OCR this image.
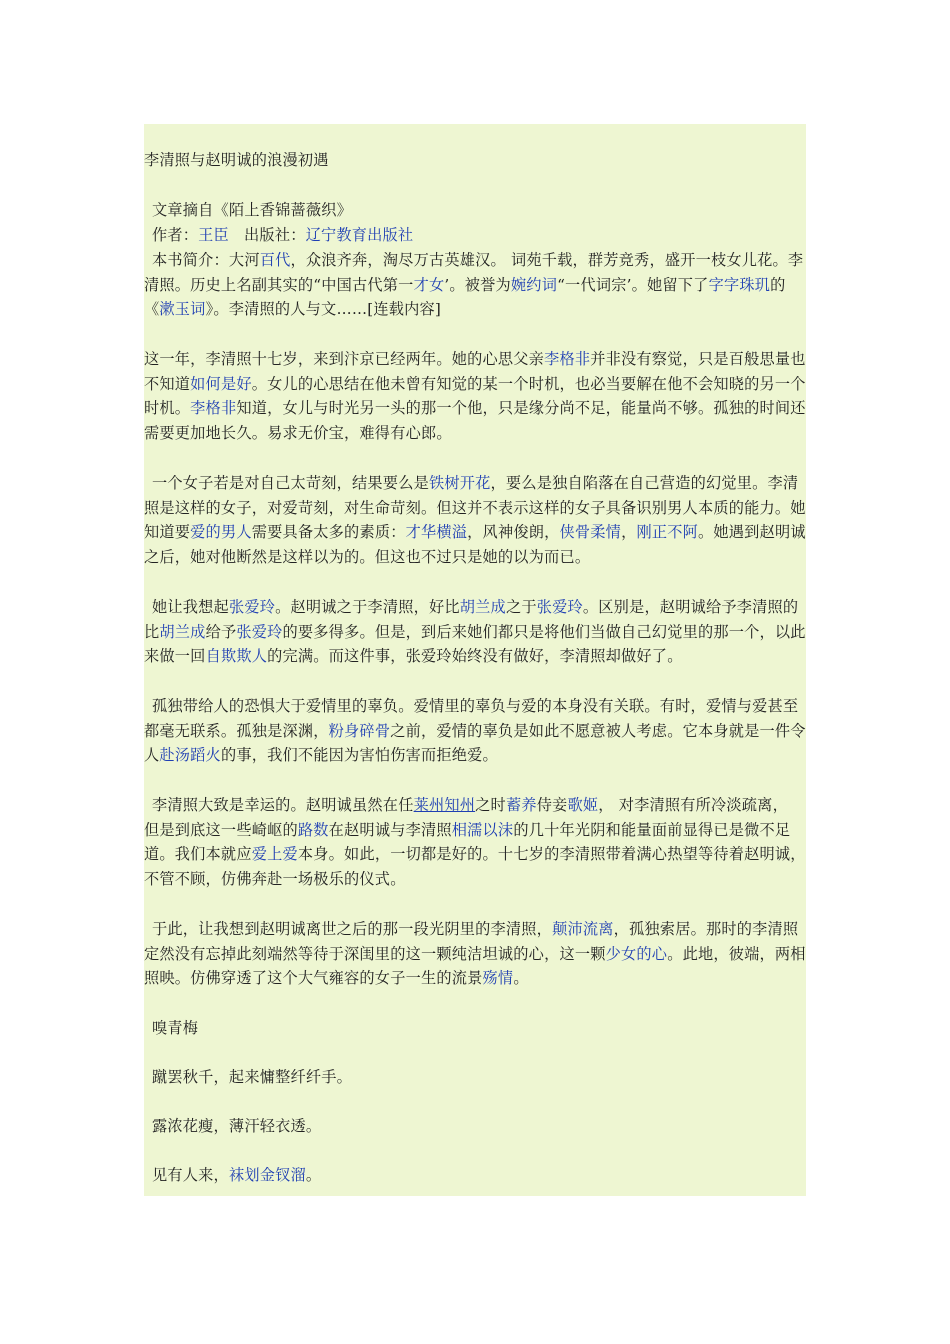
李清照与赵明诚的浪漫初遇

文章摘自《陌上香锦蔷薇织》

作者：王臣 出版社：辽宁教育出版社

本书简介：大河百代，众浪齐奔，淘尽万古英雄汉。 词苑千载，群芳竞秀，盛开一枝女儿花。李清照。历史上名副其实的“中国古代第一才女’。被誉为婉约词“一代词宗’。她留下了字字珠玑的《漱玉词》。李清照的人与文……[连载内容]

这一年，李清照十七岁，来到汴京已经两年。她的心思父亲李格非并非没有察觉，只是百般思量也不知道如何是好。女儿的心思结在他未曾有知觉的某一个时机，也必当要解在他不会知晓的另一个时机。李格非知道，女儿与时光另一头的那一个他，只是缘分尚不足，能量尚不够。孤独的时间还需要更加地长久。易求无价宝，难得有心郎。

一个女子若是对自己太苛刻，结果要么是铁树开花，要么是独自陷落在自己营造的幻觉里。李清照是这样的女子，对爱苛刻，对生命苛刻。但这并不表示这样的女子具备识别男人本质的能力。她知道要爱的男人需要具备太多的素质：才华横溢，风神俊朗，侠骨柔情，刚正不阿。她遇到赵明诚之后，她对他断然是这样以为的。但这也不过只是她的以为而已。

她让我想起张爱玲。赵明诚之于李清照，好比胡兰成之于张爱玲。区别是，赵明诚给予李清照的比胡兰成给予张爱玲的要多得多。但是，到后来她们都只是将他们当做自己幻觉里的那一个，以此来做一回自欺欺人的完满。而这件事，张爱玲始终没有做好，李清照却做好了。

孤独带给人的恐惧大于爱情里的辜负。爱情里的辜负与爱的本身没有关联。有时，爱情与爱甚至都毫无联系。孤独是深渊，粉身碎骨之前，爱情的辜负是如此不愿意被人考虑。它本身就是一件令人赴汤蹈火的事，我们不能因为害怕伤害而拒绝爱。

李清照大致是幸运的。赵明诚虽然在任莱州知州之时蓄养侍妾歌姬， 对李清照有所冷淡疏离， 但是到底这一些崎岖的路数在赵明诚与李清照相濡以沫的几十年光阴和能量面前显得已是微不足道。我们本就应爱上爱本身。如此，一切都是好的。十七岁的李清照带着满心热望等待着赵明诚，不管不顾，仿佛奔赴一场极乐的仪式。

于此，让我想到赵明诚离世之后的那一段光阴里的李清照，颠沛流离，孤独索居。那时的李清照定然没有忘掉此刻端然等待于深闺里的这一颗纯洁坦诚的心，这一颗少女的心。此地，彼端，两相照映。仿佛穿透了这个大气雍容的女子一生的流景殇情。

嗅青梅

蹴罢秋千，起来慵整纤纤手。

露浓花瘦，薄汗轻衣透。

见有人来，袜划金钗溜。
